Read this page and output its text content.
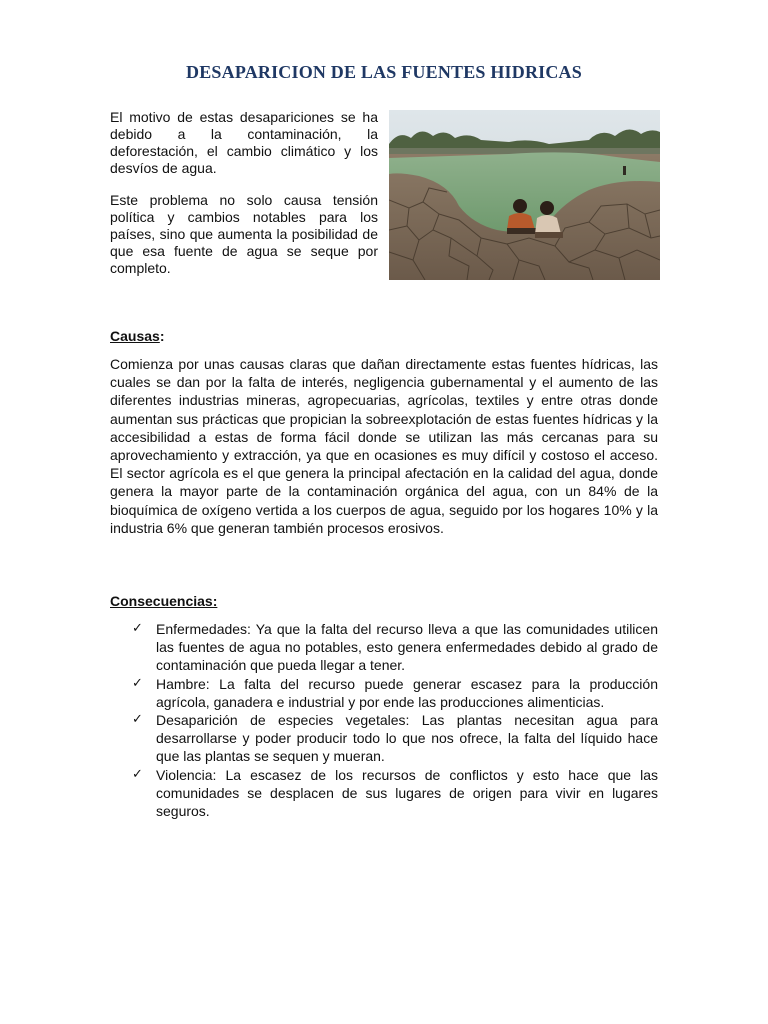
DESAPARICION DE LAS FUENTES HIDRICAS

El motivo de estas desapariciones se ha debido a la contaminación, la deforestación, el cambio climático y los desvíos de agua.

Este problema no solo causa tensión política y cambios notables para los países, sino que aumenta la posibilidad de que esa fuente de agua se seque por completo.

Causas:

Comienza por unas causas claras que dañan directamente estas fuentes hídricas, las cuales se dan por la falta de interés, negligencia gubernamental y el aumento de las diferentes industrias mineras, agropecuarias, agrícolas, textiles y entre otras donde aumentan sus prácticas que propician la sobreexplotación de estas fuentes hídricas y la accesibilidad a estas de forma fácil donde se utilizan las más cercanas para su aprovechamiento y extracción, ya que en ocasiones es muy difícil y costoso el acceso. El sector agrícola es el que genera la principal afectación en la calidad del agua, donde genera la mayor parte de la contaminación orgánica del agua, con un 84% de la bioquímica de oxígeno vertida a los cuerpos de agua, seguido por los hogares 10% y la industria 6% que generan también procesos erosivos.

Consecuencias:
✓ Enfermedades: Ya que la falta del recurso lleva a que las comunidades utilicen las fuentes de agua no potables, esto genera enfermedades debido al grado de contaminación que pueda llegar a tener.
✓ Hambre: La falta del recurso puede generar escasez para la producción agrícola, ganadera e industrial y por ende las producciones alimenticias.
✓ Desaparición de especies vegetales: Las plantas necesitan agua para desarrollarse y poder producir todo lo que nos ofrece, la falta del líquido hace que las plantas se sequen y mueran.
✓ Violencia: La escasez de los recursos de conflictos y esto hace que las comunidades se desplacen de sus lugares de origen para vivir en lugares seguros.
